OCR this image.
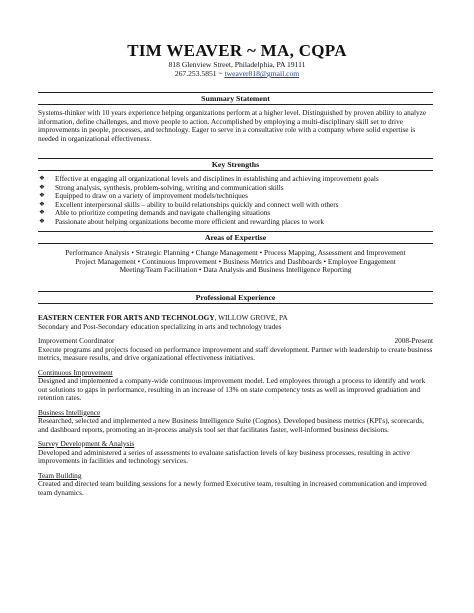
TIM WEAVER ~ MA, CQPA
818 Glenview Street, Philadelphia, PA 19111
267.253.5851 ~ tweaver818@gmail.com
Summary Statement

Systems-thinker with 10 years experience helping organizations perform at a higher level. Distinguished by proven ability to analyze information, define challenges, and move people to action. Accomplished by employing a multi-disciplinary skill set to drive improvements in people, processes, and technology. Eager to serve in a consultative role with a company where solid expertise is needed in organizational effectiveness.

Key Strengths
❖ Effective at engaging all organizational levels and disciplines in establishing and achieving improvement goals
❖ Strong analysis, synthesis, problem-solving, writing and communication skills
❖ Equipped to draw on a variety of improvement models/techniques
❖ Excellent interpersonal skills – ability to build relationships quickly and connect well with others
❖ Able to prioritize competing demands and navigate challenging situations
❖ Passionate about helping organizations become more efficient and rewarding places to work
Areas of Expertise
Performance Analysis • Strategic Planning • Change Management • Process Mapping, Assessment and Improvement
Project Management • Continuous Improvement • Business Metrics and Dashboards • Employee Engagement
Meeting/Team Facilitation • Data Analysis and Business Intelligence Reporting
Professional Experience

EASTERN CENTER FOR ARTS AND TECHNOLOGY, WILLOW GROVE, PA

Secondary and Post-Secondary education specializing in arts and technology trades

Improvement Coordinator	2008-Present

Execute programs and projects focused on performance improvement and staff development. Partner with leadership to create business metrics, measure results, and drive organizational effectiveness initiatives.

Continuous Improvement

Designed and implemented a company-wide continuous improvement model. Led employees through a process to identify and work out solutions to gaps in performance, resulting in an increase of 13% on state competency tests as well as improved graduation and retention rates.

Business Intelligence

Researched, selected and implemented a new Business Intelligence Suite (Cognos). Developed business metrics (KPI's), scorecards, and dashboard reports, promoting an in-process analysis tool set that facilitates faster, well-informed business decisions.

Survey Development & Analysis

Developed and administered a series of assessments to evaluate satisfaction levels of key business processes, resulting in active improvements in facilities and technology services.

Team Building

Created and directed team building sessions for a newly formed Executive team, resulting in increased communication and improved team dynamics.
